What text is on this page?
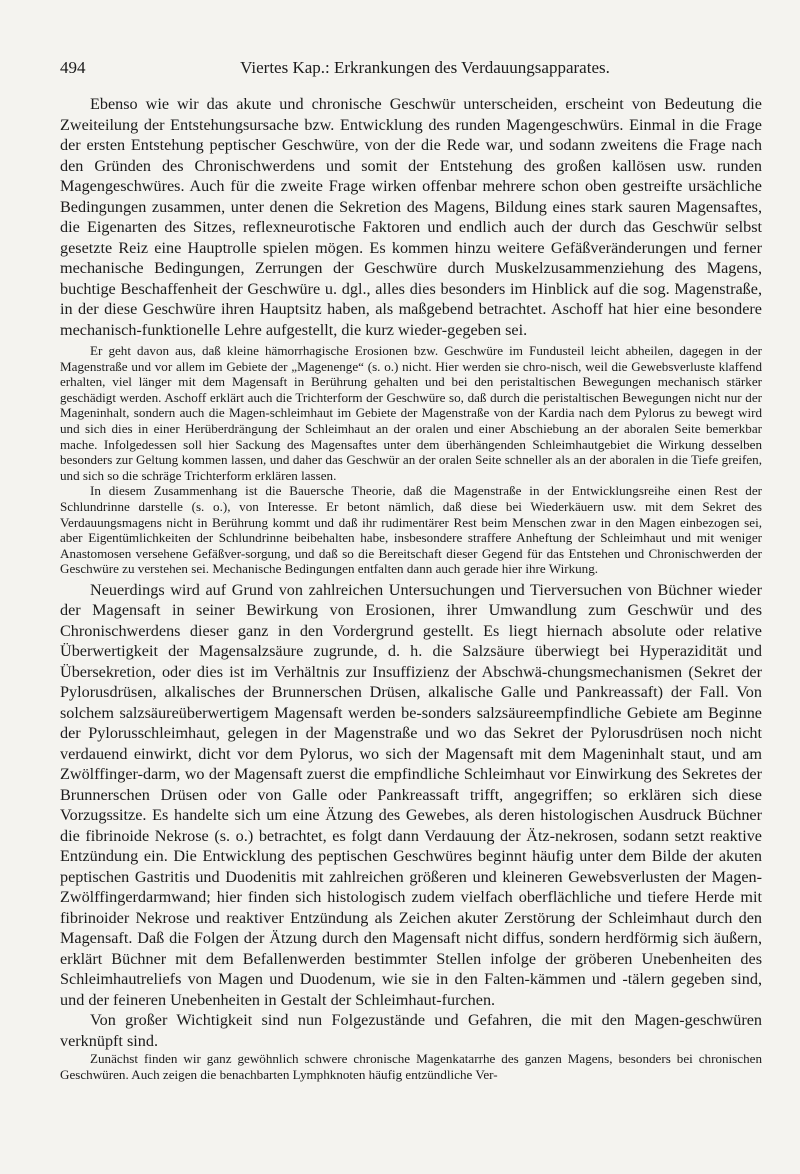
494	Viertes Kap.: Erkrankungen des Verdauungsapparates.

Ebenso wie wir das akute und chronische Geschwür unterscheiden, erscheint von Bedeutung die Zweiteilung der Entstehungsursache bzw. Entwicklung des runden Magengeschwürs. Einmal in die Frage der ersten Entstehung peptischer Geschwüre, von der die Rede war, und sodann zweitens die Frage nach den Gründen des Chronischwerdens und somit der Entstehung des großen kallösen usw. runden Magengeschwüres. Auch für die zweite Frage wirken offenbar mehrere schon oben gestreifte ursächliche Bedingungen zusammen, unter denen die Sekretion des Magens, Bildung eines stark sauren Magensaftes, die Eigenarten des Sitzes, reflexneurotische Faktoren und endlich auch der durch das Geschwür selbst gesetzte Reiz eine Hauptrolle spielen mögen. Es kommen hinzu weitere Gefäßveränderungen und ferner mechanische Bedingungen, Zerrungen der Geschwüre durch Muskelzusammenziehung des Magens, buchtige Beschaffenheit der Geschwüre u. dgl., alles dies besonders im Hinblick auf die sog. Magenstraße, in der diese Geschwüre ihren Hauptsitz haben, als maßgebend betrachtet. Aschoff hat hier eine besondere mechanisch-funktionelle Lehre aufgestellt, die kurz wieder-gegeben sei.

Er geht davon aus, daß kleine hämorrhagische Erosionen bzw. Geschwüre im Fundusteil leicht abheilen, dagegen in der Magenstraße und vor allem im Gebiete der „Magenenge“ (s. o.) nicht. Hier werden sie chro-nisch, weil die Gewebsverluste klaffend erhalten, viel länger mit dem Magensaft in Berührung gehalten und bei den peristaltischen Bewegungen mechanisch stärker geschädigt werden. Aschoff erklärt auch die Trichterform der Geschwüre so, daß durch die peristaltischen Bewegungen nicht nur der Mageninhalt, sondern auch die Magen-schleimhaut im Gebiete der Magenstraße von der Kardia nach dem Pylorus zu bewegt wird und sich dies in einer Herüberdrängung der Schleimhaut an der oralen und einer Abschiebung an der aboralen Seite bemerkbar mache. Infolgedessen soll hier Sackung des Magensaftes unter dem überhängenden Schleimhautgebiet die Wirkung desselben besonders zur Geltung kommen lassen, und daher das Geschwür an der oralen Seite schneller als an der aboralen in die Tiefe greifen, und sich so die schräge Trichterform erklären lassen.

In diesem Zusammenhang ist die Bauersche Theorie, daß die Magenstraße in der Entwicklungsreihe einen Rest der Schlundrinne darstelle (s. o.), von Interesse. Er betont nämlich, daß diese bei Wiederkäuern usw. mit dem Sekret des Verdauungsmagens nicht in Berührung kommt und daß ihr rudimentärer Rest beim Menschen zwar in den Magen einbezogen sei, aber Eigentümlichkeiten der Schlundrinne beibehalten habe, insbesondere straffere Anheftung der Schleimhaut und mit weniger Anastomosen versehene Gefäßver-sorgung, und daß so die Bereitschaft dieser Gegend für das Entstehen und Chronischwerden der Geschwüre zu verstehen sei. Mechanische Bedingungen entfalten dann auch gerade hier ihre Wirkung.

Neuerdings wird auf Grund von zahlreichen Untersuchungen und Tierversuchen von Büchner wieder der Magensaft in seiner Bewirkung von Erosionen, ihrer Umwandlung zum Geschwür und des Chronischwerdens dieser ganz in den Vordergrund gestellt. Es liegt hiernach absolute oder relative Überwertigkeit der Magensalzsäure zugrunde, d. h. die Salzsäure überwiegt bei Hyperazidität und Übersekretion, oder dies ist im Verhältnis zur Insuffizienz der Abschwä-chungsmechanismen (Sekret der Pylorusdrüsen, alkalisches der Brunnerschen Drüsen, alkalische Galle und Pankreassaft) der Fall. Von solchem salzsäureüberwertigem Magensaft werden be-sonders salzsäureempfindliche Gebiete am Beginne der Pylorusschleimhaut, gelegen in der Magenstraße und wo das Sekret der Pylorusdrüsen noch nicht verdauend einwirkt, dicht vor dem Pylorus, wo sich der Magensaft mit dem Mageninhalt staut, und am Zwölffinger-darm, wo der Magensaft zuerst die empfindliche Schleimhaut vor Einwirkung des Sekretes der Brunnerschen Drüsen oder von Galle oder Pankreassaft trifft, angegriffen; so erklären sich diese Vorzugssitze. Es handelte sich um eine Ätzung des Gewebes, als deren histologischen Ausdruck Büchner die fibrinoide Nekrose (s. o.) betrachtet, es folgt dann Verdauung der Ätz-nekrosen, sodann setzt reaktive Entzündung ein. Die Entwicklung des peptischen Geschwüres beginnt häufig unter dem Bilde der akuten peptischen Gastritis und Duodenitis mit zahlreichen größeren und kleineren Gewebsverlusten der Magen-Zwölffingerdarmwand; hier finden sich histologisch zudem vielfach oberflächliche und tiefere Herde mit fibrinoider Nekrose und reaktiver Entzündung als Zeichen akuter Zerstörung der Schleimhaut durch den Magensaft. Daß die Folgen der Ätzung durch den Magensaft nicht diffus, sondern herdförmig sich äußern, erklärt Büchner mit dem Befallenwerden bestimmter Stellen infolge der gröberen Unebenheiten des Schleimhautreliefs von Magen und Duodenum, wie sie in den Falten-kämmen und -tälern gegeben sind, und der feineren Unebenheiten in Gestalt der Schleimhaut-furchen.

Von großer Wichtigkeit sind nun Folgezustände und Gefahren, die mit den Magen-geschwüren verknüpft sind.

Zunächst finden wir ganz gewöhnlich schwere chronische Magenkatarrhe des ganzen Magens, besonders bei chronischen Geschwüren. Auch zeigen die benachbarten Lymphknoten häufig entzündliche Ver-
